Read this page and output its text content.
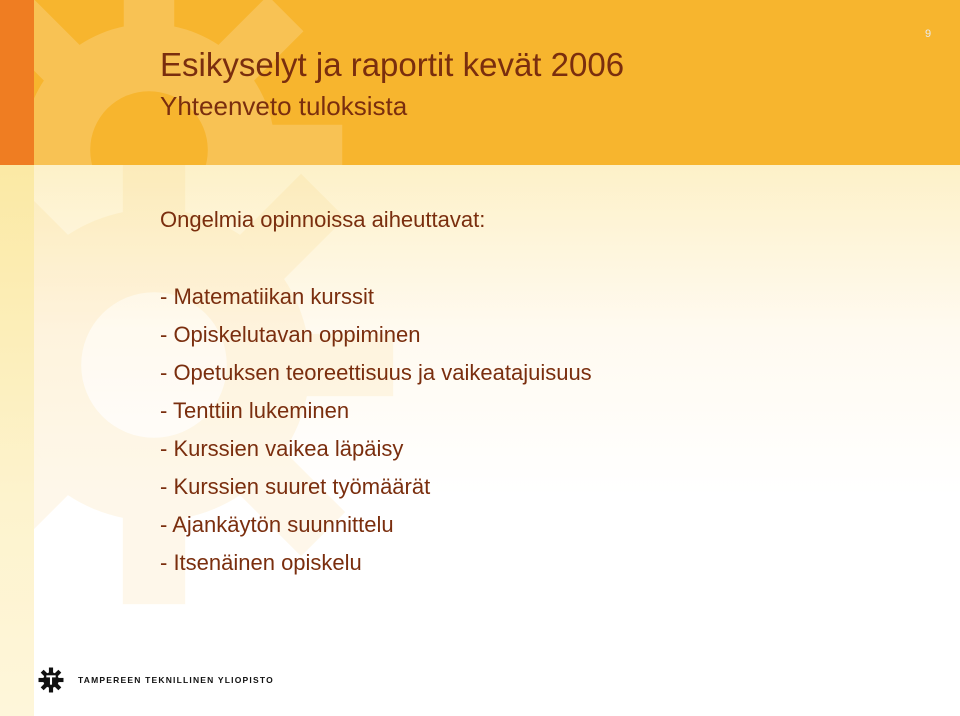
9
Esikyselyt ja raportit kevät 2006
Yhteenveto tuloksista
Ongelmia opinnoissa aiheuttavat:
- Matematiikan kurssit
- Opiskelutavan oppiminen
- Opetuksen teoreettisuus ja vaikeatajuisuus
- Tenttiin lukeminen
- Kurssien vaikea läpäisy
- Kurssien suuret työmäärät
- Ajankäytön suunnittelu
- Itsenäinen opiskelu
TAMPEREEN TEKNILLINEN YLIOPISTO
